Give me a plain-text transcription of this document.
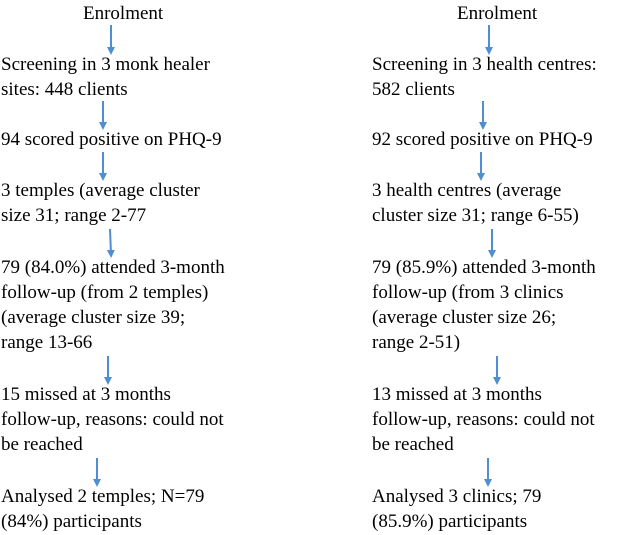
Enrolment

Screening in 3 monk healer
sites: 448 clients
94 scored positive on PHQ-9
3 temples (average cluster
size 31; range 2-77
79 (84.0%) attended 3-month
follow-up (from 2 temples)
(average cluster size 39;
range 13-66
15 missed at 3 months
follow-up, reasons: could not
be reached
Analysed 2 temples; N=79
(84%) participants

Enrolment

Screening in 3 health centres:
582 clients
92 scored positive on PHQ-9
3 health centres (average
cluster size 31; range 6-55)
79 (85.9%) attended 3-month
follow-up (from 3 clinics
(average cluster size 26;
range 2-51)
13 missed at 3 months
follow-up, reasons: could not
be reached
Analysed 3 clinics; 79
(85.9%) participants
